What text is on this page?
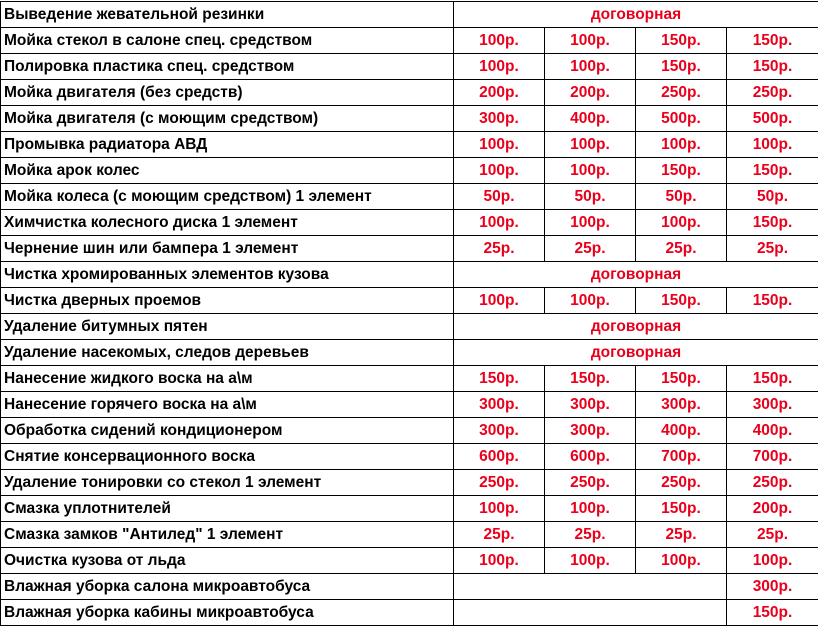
Выведение жевательной резинки	договорная			
Мойка стекол в салоне спец. средством	100р.	100р.	150р.	150р.
Полировка пластика спец. средством	100р.	100р.	150р.	150р.
Мойка двигателя (без средств)	200р.	200р.	250р.	250р.
Мойка двигателя (с моющим средством)	300р.	400р.	500р.	500р.
Промывка радиатора АВД	100р.	100р.	100р.	100р.
Мойка арок колес	100р.	100р.	150р.	150р.
Мойка колеса (с моющим средством) 1 элемент	50р.	50р.	50р.	50р.
Химчистка колесного диска 1 элемент	100р.	100р.	100р.	150р.
Чернение шин или бампера 1 элемент	25р.	25р.	25р.	25р.
Чистка хромированных элементов кузова	договорная			
Чистка дверных проемов	100р.	100р.	150р.	150р.
Удаление битумных пятен	договорная			
Удаление насекомых, следов деревьев	договорная			
Нанесение жидкого воска на а\м	150р.	150р.	150р.	150р.
Нанесение горячего воска на а\м	300р.	300р.	300р.	300р.
Обработка сидений кондиционером	300р.	300р.	400р.	400р.
Снятие консервационного воска	600р.	600р.	700р.	700р.
Удаление тонировки со стекол 1 элемент	250р.	250р.	250р.	250р.
Смазка уплотнителей	100р.	100р.	150р.	200р.
Смазка замков "Антилед" 1 элемент	25р.	25р.	25р.	25р.
Очистка кузова от льда	100р.	100р.	100р.	100р.
Влажная уборка салона микроавтобуса				300р.
Влажная уборка кабины микроавтобуса				150р.
